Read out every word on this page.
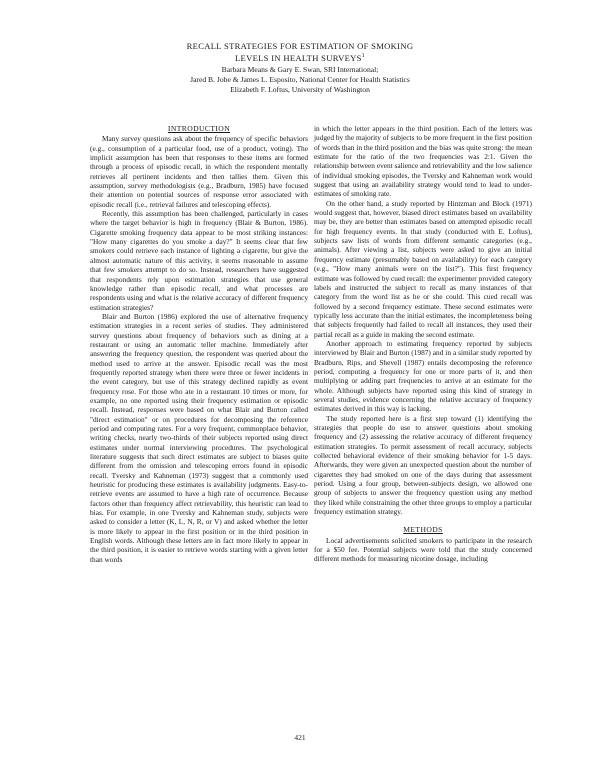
RECALL STRATEGIES FOR ESTIMATION OF SMOKING
LEVELS IN HEALTH SURVEYS$^1$
Barbara Means & Gary E. Swan, SRI International;
Jared B. Jobe & James L. Esposito, National Center for Health Statistics
Elizabeth F. Loftus, University of Washington
INTRODUCTION

Many survey questions ask about the frequency of specific behaviors (e.g., consumption of a particular food, use of a product, voting). The implicit assumption has been that responses to these items are formed through a process of episodic recall, in which the respondent mentally retrieves all pertinent incidents and then tallies them. Given this assumption, survey methodologists (e.g., Bradburn, 1985) have focused their attention on potential sources of response error associated with episodic recall (i.e., retrieval failures and telescoping effects).

Recently, this assumption has been challenged, particularly in cases where the target behavior is high in frequency (Blair & Burton, 1986). Cigarette smoking frequency data appear to be most striking instances: "How many cigarettes do you smoke a day?" It seems clear that few smokers could retrieve each instance of lighting a cigarette, but give the almost automatic nature of this activity, it seems reasonable to assume that few smokers attempt to do so. Instead, researchers have suggested that respondents rely upon estimation strategies that use general knowledge rather than episodic recall, and what processes are respondents using and what is the relative accuracy of different frequency estimation strategies?

Blair and Burton (1986) explored the use of alternative frequency estimation strategies in a recent series of studies. They administered survey questions about frequency of behaviors such as dining at a restaurant or using an automatic teller machine. Immediately after answering the frequency question, the respondent was queried about the method used to arrive at the answer. Episodic recall was the most frequently reported strategy when there were three or fewer incidents in the event category, but use of this strategy declined rapidly as event frequency rose. For those who ate in a restaurant 10 times or more, for example, no one reported using their frequency estimation or episodic recall. Instead, responses were based on what Blair and Burton called "direct estimation" or on procedures for decomposing the reference period and computing rates. For a very frequent, commonplace behavior, writing checks, nearly two-thirds of their subjects reported using direct estimates under normal interviewing procedures. The psychological literature suggests that such direct estimates are subject to biases quite different from the omission and telescoping errors found in episodic recall. Tversky and Kahneman (1973) suggest that a commonly used heuristic for producing these estimates is availability judgments. Easy-to-retrieve events are assumed to have a high rate of occurrence. Because factors other than frequency affect retrievability, this heuristic can lead to bias. For example, in one Tversky and Kahneman study, subjects were asked to consider a letter (K, L, N, R, or V) and asked whether the letter is more likely to appear in the first position or in the third position in English words. Although these letters are in fact more likely to appear in the third position, it is easier to retrieve words starting with a given letter than words

in which the letter appears in the third position. Each of the letters was judged by the majority of subjects to be more frequent in the first position of words than in the third position and the bias was quite strong: the mean estimate for the ratio of the two frequencies was 2:1. Given the relationship between event salience and retrievability and the low salience of individual smoking episodes, the Tversky and Kahneman work would suggest that using an availability strategy would tend to lead to under-estimates of smoking rate.

On the other hand, a study reported by Hintzman and Block (1971) would suggest that, however, biased direct estimates based on availability may be, they are better than estimates based on attempted episodic recall for high frequency events. In that study (conducted with E. Loftus), subjects saw lists of words from different semantic categories (e.g., animals). After viewing a list, subjects were asked to give an initial frequency estimate (presumably based on availability) for each category (e.g., "How many animals were on the list?"). This first frequency estimate was followed by cued recall: the experimenter provided category labels and instructed the subject to recall as many instances of that category from the word list as he or she could. This cued recall was followed by a second frequency estimate. These second estimates were typically less accurate than the initial estimates, the incompleteness being that subjects frequently had failed to recall all instances, they used their partial recall as a guide in making the second estimate.

Another approach to estimating frequency reported by subjects interviewed by Blair and Burton (1987) and in a similar study reported by Bradburn, Rips, and Shevell (1987) entails decomposing the reference period, computing a frequency for one or more parts of it, and then multiplying or adding part frequencies to arrive at an estimate for the whole. Although subjects have reported using this kind of strategy in several studies, evidence concerning the relative accuracy of frequency estimates derived in this way is lacking.

The study reported here is a first step toward (1) identifying the strategies that people do use to answer questions about smoking frequency and (2) assessing the relative accuracy of different frequency estimation strategies. To permit assessment of recall accuracy, subjects collected behavioral evidence of their smoking behavior for 1-5 days. Afterwards, they were given an unexpected question about the number of cigarettes they had smoked on one of the days during that assessment period. Using a four group, between-subjects design, we allowed one group of subjects to answer the frequency question using any method they liked while constraining the other three groups to employ a particular frequency estimation strategy.

METHODS

Local advertisements solicited smokers to participate in the research for a $50 fee. Potential subjects were told that the study concerned different methods for measuring nicotine dosage, including

421
